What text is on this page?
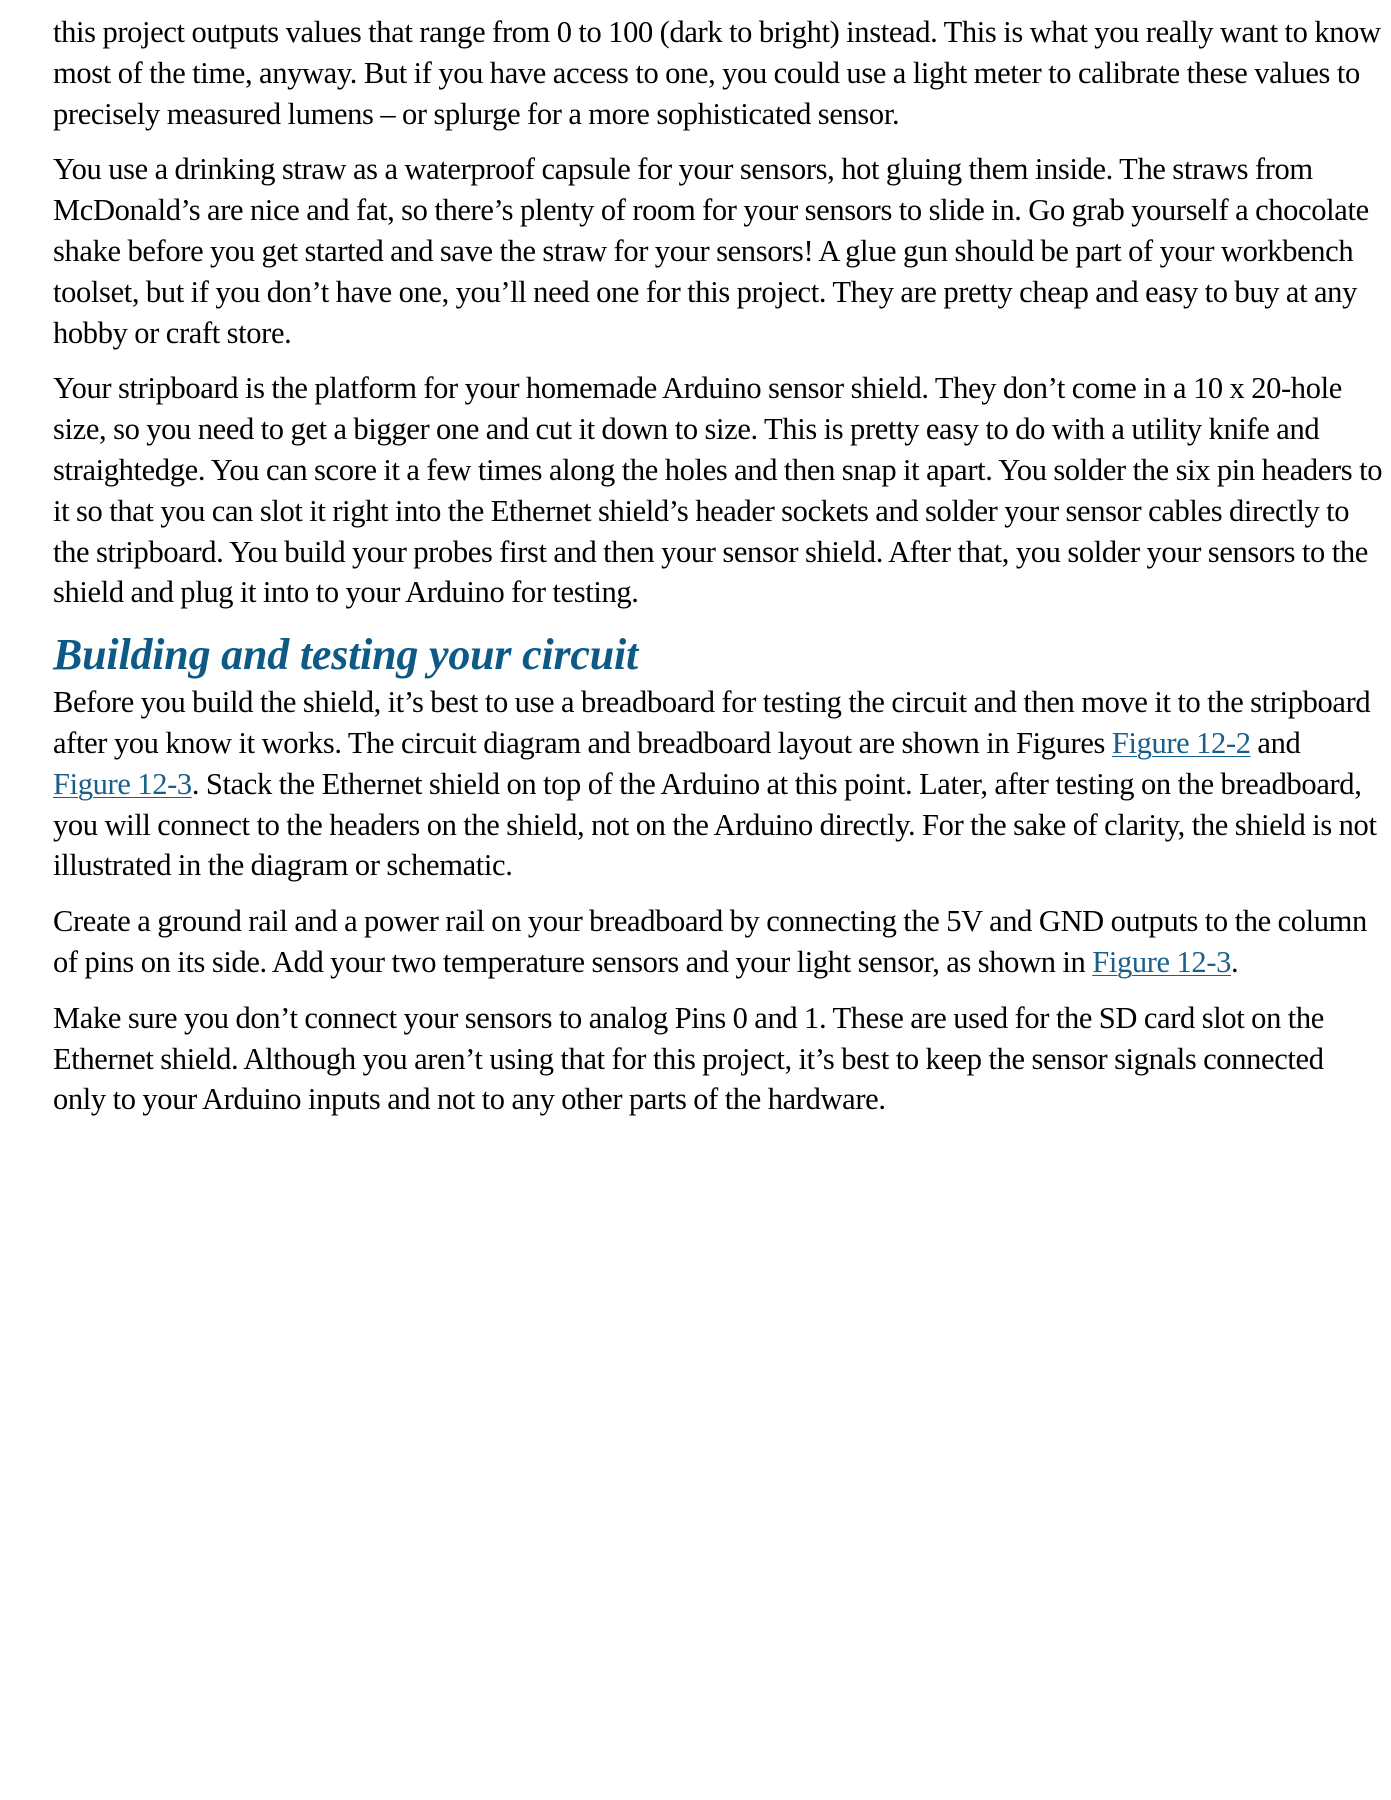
this project outputs values that range from 0 to 100 (dark to bright) instead. This is what you really want to know most of the time, anyway. But if you have access to one, you could use a light meter to calibrate these values to precisely measured lumens – or splurge for a more sophisticated sensor.

You use a drinking straw as a waterproof capsule for your sensors, hot gluing them inside. The straws from McDonald’s are nice and fat, so there’s plenty of room for your sensors to slide in. Go grab yourself a chocolate shake before you get started and save the straw for your sensors! A glue gun should be part of your workbench toolset, but if you don’t have one, you’ll need one for this project. They are pretty cheap and easy to buy at any hobby or craft store.

Your stripboard is the platform for your homemade Arduino sensor shield. They don’t come in a 10 x 20-hole size, so you need to get a bigger one and cut it down to size. This is pretty easy to do with a utility knife and straightedge. You can score it a few times along the holes and then snap it apart. You solder the six pin headers to it so that you can slot it right into the Ethernet shield’s header sockets and solder your sensor cables directly to the stripboard. You build your probes first and then your sensor shield. After that, you solder your sensors to the shield and plug it into to your Arduino for testing.

Building and testing your circuit

Before you build the shield, it’s best to use a breadboard for testing the circuit and then move it to the stripboard after you know it works. The circuit diagram and breadboard layout are shown in Figures Figure 12-2 and Figure 12-3. Stack the Ethernet shield on top of the Arduino at this point. Later, after testing on the breadboard, you will connect to the headers on the shield, not on the Arduino directly. For the sake of clarity, the shield is not illustrated in the diagram or schematic.

Create a ground rail and a power rail on your breadboard by connecting the 5V and GND outputs to the column of pins on its side. Add your two temperature sensors and your light sensor, as shown in Figure 12-3.

Make sure you don’t connect your sensors to analog Pins 0 and 1. These are used for the SD card slot on the Ethernet shield. Although you aren’t using that for this project, it’s best to keep the sensor signals connected only to your Arduino inputs and not to any other parts of the hardware.
